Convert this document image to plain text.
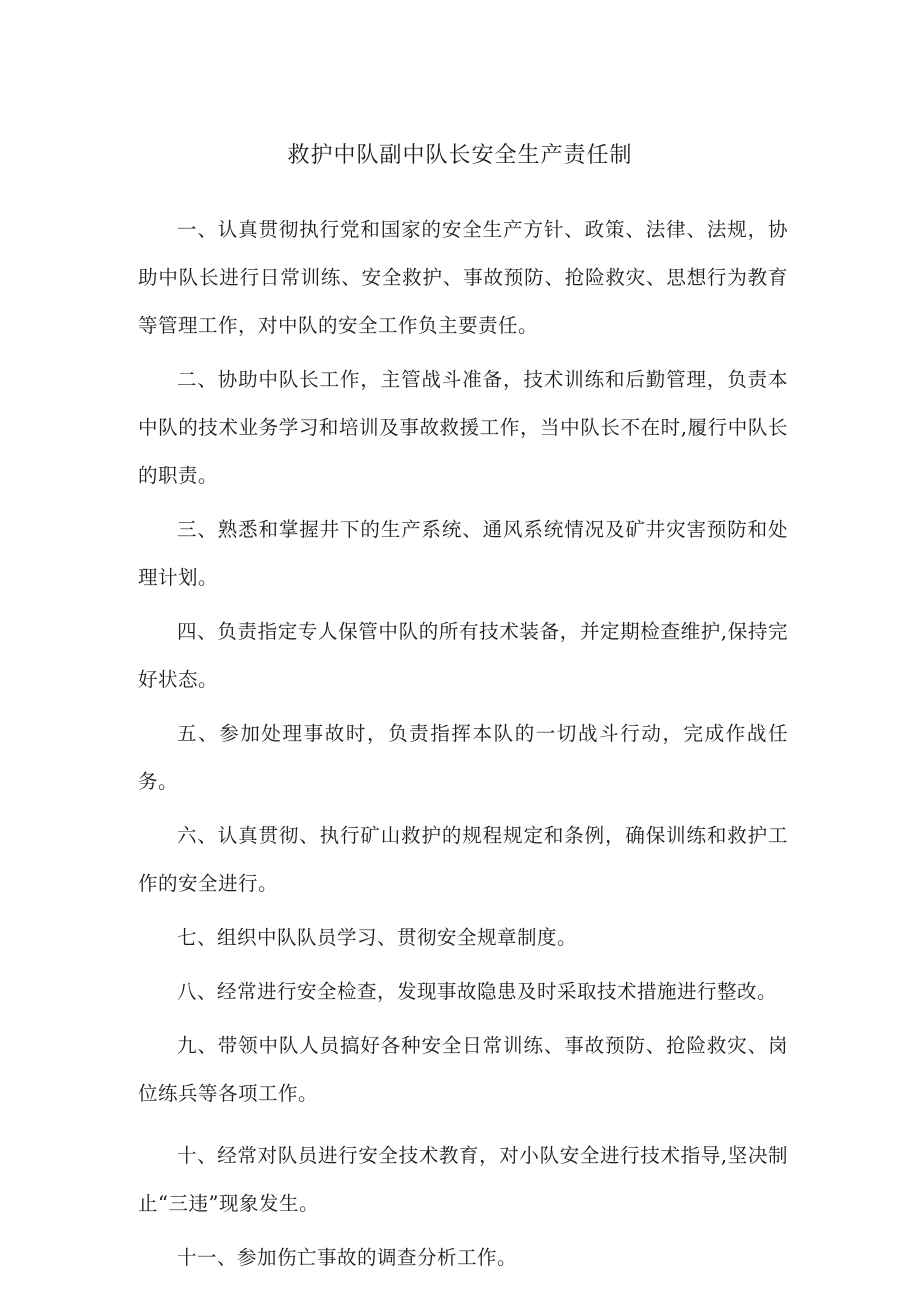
救护中队副中队长安全生产责任制

一、认真贯彻执行党和国家的安全生产方针、政策、法律、法规，协助中队长进行日常训练、安全救护、事故预防、抢险救灾、思想行为教育等管理工作，对中队的安全工作负主要责任。

二、协助中队长工作，主管战斗准备，技术训练和后勤管理，负责本中队的技术业务学习和培训及事故救援工作，当中队长不在时,履行中队长的职责。

三、熟悉和掌握井下的生产系统、通风系统情况及矿井灾害预防和处理计划。

四、负责指定专人保管中队的所有技术装备，并定期检查维护,保持完好状态。

五、参加处理事故时，负责指挥本队的一切战斗行动，完成作战任务。

六、认真贯彻、执行矿山救护的规程规定和条例，确保训练和救护工作的安全进行。

七、组织中队队员学习、贯彻安全规章制度。

八、经常进行安全检查，发现事故隐患及时采取技术措施进行整改。

九、带领中队人员搞好各种安全日常训练、事故预防、抢险救灾、岗位练兵等各项工作。

十、经常对队员进行安全技术教育，对小队安全进行技术指导,坚决制止“三违”现象发生。

十一、参加伤亡事故的调查分析工作。
